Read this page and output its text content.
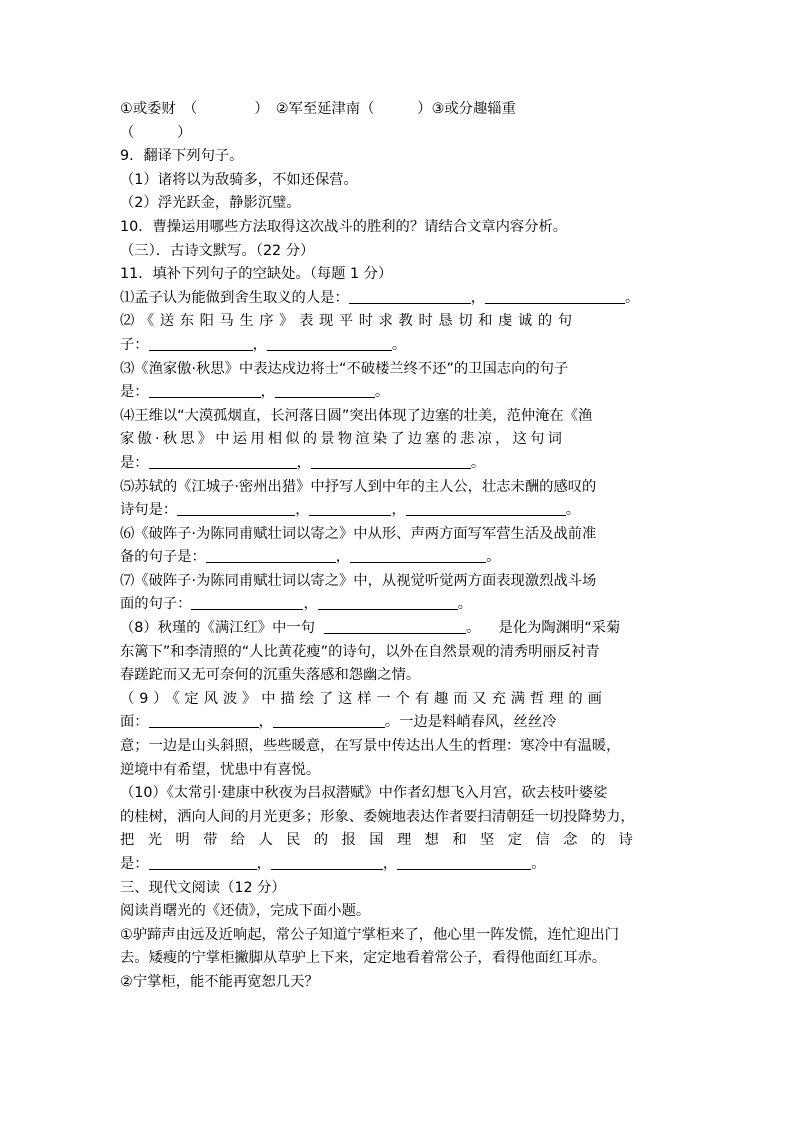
①或委财　（　　　　）　②军至延津南（　　　）③或分趣辎重
（　　　）
9．翻译下列句子。
（1）诸将以为敌骑多，不如还保营。
（2）浮光跃金，静影沉璧。
10．曹操运用哪些方法取得这次战斗的胜利的？请结合文章内容分析。
（三）．古诗文默写。（22 分）
11．填补下列句子的空缺处。（每题 1 分）
⑴孟子认为能做到舍生取义的人是：	，	。
⑵《送东阳马生序》表现平时求教时恳切和虔诚的句
子：	，	。
⑶《渔家傲·秋思》中表达戍边将士“不破楼兰终不还”的卫国志向的句子
是：	，	。
⑷王维以“大漠孤烟直，长河落日圆”突出体现了边塞的壮美，范仲淹在《渔
家傲·秋思》中运用相似的景物渲染了边塞的悲凉，这句词
是：	，	。
⑸苏轼的《江城子·密州出猎》中抒写人到中年的主人公，壮志未酬的感叹的
诗句是：	，	，	。
⑹《破阵子·为陈同甫赋壮词以寄之》中从形、声两方面写军营生活及战前准
备的句子是：	，	。
⑺《破阵子·为陈同甫赋壮词以寄之》中，从视觉听觉两方面表现激烈战斗场
面的句子：	，	。
（8）秋瑾的《满江红》中一句	。 是化为陶渊明“采菊
东篱下”和李清照的“人比黄花瘦”的诗句，以外在自然景观的清秀明丽反衬青
春蹉跎而又无可奈何的沉重失落感和怨幽之情。
（9）《定风波》中描绘了这样一个有趣而又充满哲理的画
面：	，	。一边是料峭春风，丝丝冷
意；一边是山头斜照，些些暖意，在写景中传达出人生的哲理：寒冷中有温暖，
逆境中有希望，忧患中有喜悦。
（10）《太常引·建康中秋夜为吕叔潜赋》中作者幻想飞入月宫，砍去枝叶婆娑
的桂树，洒向人间的月光更多；形象、委婉地表达作者要扫清朝廷一切投降势力，
把光明带给人民的报国理想和坚定信念的诗
是：	，	，	。
三、现代文阅读（12 分）
阅读肖曙光的《还债》，完成下面小题。
①驴蹄声由远及近响起，常公子知道宁掌柜来了，他心里一阵发慌，连忙迎出门
去。矮瘦的宁掌柜撇脚从草驴上下来，定定地看着常公子，看得他面红耳赤。
②宁掌柜，能不能再宽恕几天？
